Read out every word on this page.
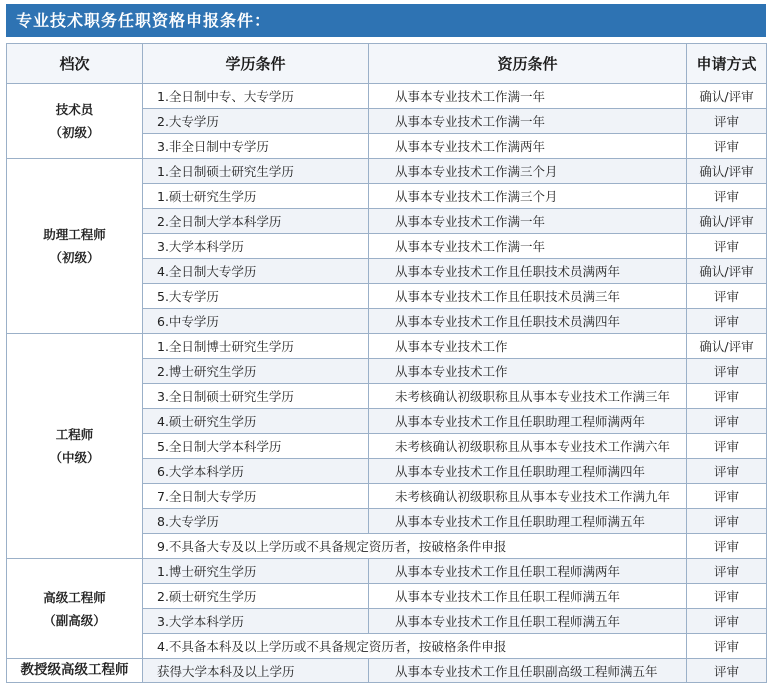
专业技术职务任职资格申报条件：
档次	学历条件	资历条件	申请方式

技术员
（初级）	1.全日制中专、大专学历	从事本专业技术工作满一年	确认/评审
	2.大专学历	从事本专业技术工作满一年	评审
	3.非全日制中专学历	从事本专业技术工作满两年	评审

助理工程师
（初级）	1.全日制硕士研究生学历	从事本专业技术工作满三个月	确认/评审
	1.硕士研究生学历	从事本专业技术工作满三个月	评审
	2.全日制大学本科学历	从事本专业技术工作满一年	确认/评审
	3.大学本科学历	从事本专业技术工作满一年	评审
	4.全日制大专学历	从事本专业技术工作且任职技术员满两年	确认/评审
	5.大专学历	从事本专业技术工作且任职技术员满三年	评审
	6.中专学历	从事本专业技术工作且任职技术员满四年	评审

工程师
（中级）	1.全日制博士研究生学历	从事本专业技术工作	确认/评审
	2.博士研究生学历	从事本专业技术工作	评审
	3.全日制硕士研究生学历	未考核确认初级职称且从事本专业技术工作满三年	评审
	4.硕士研究生学历	从事本专业技术工作且任职助理工程师满两年	评审
	5.全日制大学本科学历	未考核确认初级职称且从事本专业技术工作满六年	评审
	6.大学本科学历	从事本专业技术工作且任职助理工程师满四年	评审
	7.全日制大专学历	未考核确认初级职称且从事本专业技术工作满九年	评审
	8.大专学历	从事本专业技术工作且任职助理工程师满五年	评审
	9.不具备大专及以上学历或不具备规定资历者，按破格条件申报		评审

高级工程师
（副高级）	1.博士研究生学历	从事本专业技术工作且任职工程师满两年	评审
	2.硕士研究生学历	从事本专业技术工作且任职工程师满五年	评审
	3.大学本科学历	从事本专业技术工作且任职工程师满五年	评审
	4.不具备本科及以上学历或不具备规定资历者，按破格条件申报		评审

教授级高级工程师	获得大学本科及以上学历	从事本专业技术工作且任职副高级工程师满五年	评审
